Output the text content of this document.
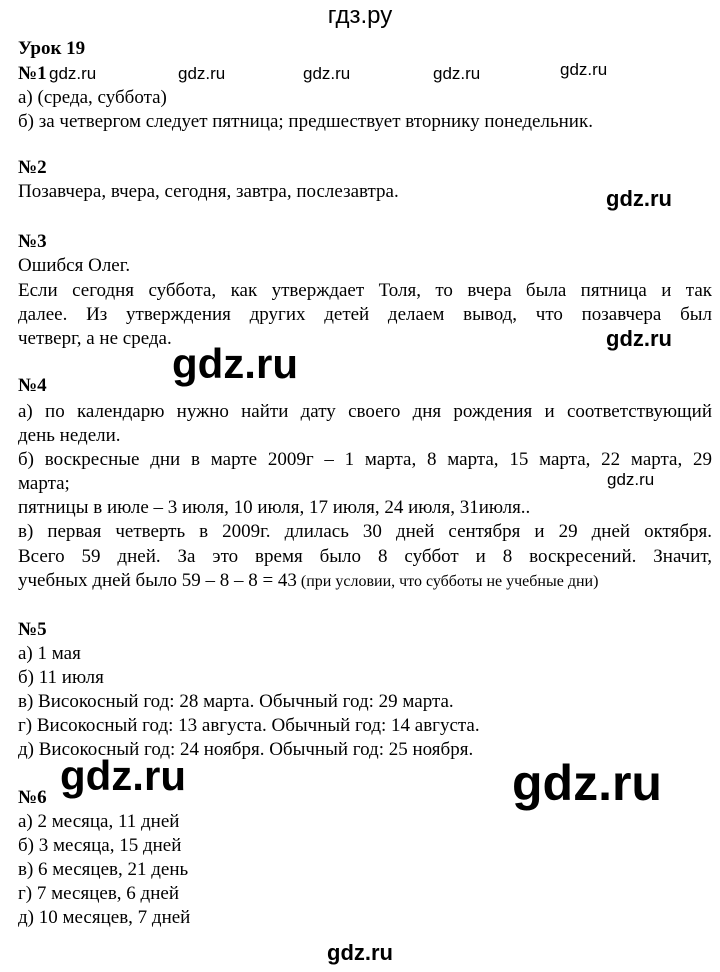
гдз.ру
Урок 19
№1 gdz.ru	gdz.ru	gdz.ru	gdz.ru	gdz.ru
а) (среда, суббота)
б) за четвергом следует пятница; предшествует вторнику понедельник.
№2
Позавчера, вчера, сегодня, завтра, послезавтра.	gdz.ru
№3
Ошибся Олег.
Если сегодня суббота, как утверждает Толя, то вчера была пятница и так
далее. Из утверждения других детей делаем вывод, что позавчера был
четверг, а не среда.	gdz.ru
gdz.ru
№4
а) по календарю нужно найти дату своего дня рождения и соответствующий
день недели.
б) воскресные дни в марте 2009г – 1 марта, 8 марта, 15 марта, 22 марта, 29
марта;	gdz.ru
пятницы в июле – 3 июля, 10 июля, 17 июля, 24 июля, 31июля..
в) первая четверть в 2009г. длилась 30 дней сентября и 29 дней октября.
Всего 59 дней. За это время было 8 суббот и 8 воскресений. Значит,
учебных дней было 59 – 8 – 8 = 43 (при условии, что субботы не учебные дни)
№5
а) 1 мая
б) 11 июля
в) Високосный год: 28 марта. Обычный год: 29 марта.
г) Високосный год: 13 августа. Обычный год: 14 августа.
д) Високосный год: 24 ноября. Обычный год: 25 ноября.
gdz.ru
gdz.ru
№6
а) 2 месяца, 11 дней
б) 3 месяца, 15 дней
в) 6 месяцев, 21 день
г) 7 месяцев, 6 дней
д) 10 месяцев, 7 дней
gdz.ru
